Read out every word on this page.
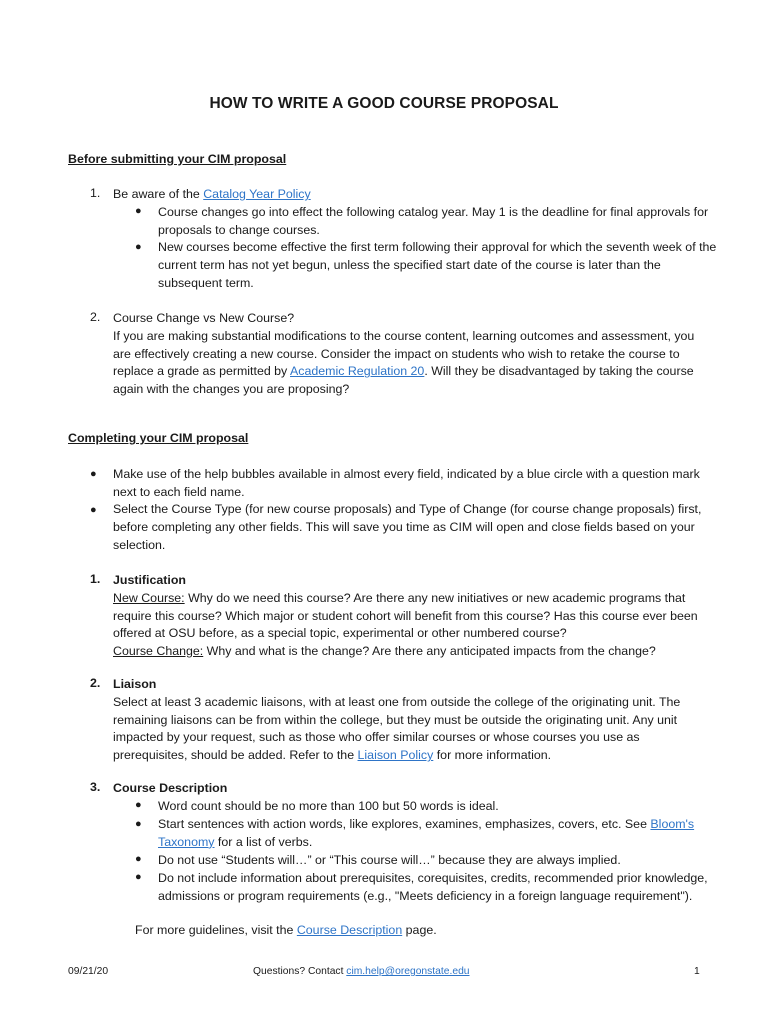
HOW TO WRITE A GOOD COURSE PROPOSAL
Before submitting your CIM proposal
1. Be aware of the Catalog Year Policy
● Course changes go into effect the following catalog year. May 1 is the deadline for final approvals for proposals to change courses.
● New courses become effective the first term following their approval for which the seventh week of the current term has not yet begun, unless the specified start date of the course is later than the subsequent term.
2. Course Change vs New Course?
If you are making substantial modifications to the course content, learning outcomes and assessment, you are effectively creating a new course. Consider the impact on students who wish to retake the course to replace a grade as permitted by Academic Regulation 20. Will they be disadvantaged by taking the course again with the changes you are proposing?
Completing your CIM proposal
● Make use of the help bubbles available in almost every field, indicated by a blue circle with a question mark next to each field name.
● Select the Course Type (for new course proposals) and Type of Change (for course change proposals) first, before completing any other fields. This will save you time as CIM will open and close fields based on your selection.
1. Justification
New Course: Why do we need this course? Are there any new initiatives or new academic programs that require this course? Which major or student cohort will benefit from this course? Has this course ever been offered at OSU before, as a special topic, experimental or other numbered course?
Course Change: Why and what is the change? Are there any anticipated impacts from the change?
2. Liaison
Select at least 3 academic liaisons, with at least one from outside the college of the originating unit. The remaining liaisons can be from within the college, but they must be outside the originating unit. Any unit impacted by your request, such as those who offer similar courses or whose courses you use as prerequisites, should be added. Refer to the Liaison Policy for more information.
3. Course Description
● Word count should be no more than 100 but 50 words is ideal.
● Start sentences with action words, like explores, examines, emphasizes, covers, etc. See Bloom's Taxonomy for a list of verbs.
● Do not use “Students will…” or “This course will…” because they are always implied.
● Do not include information about prerequisites, corequisites, credits, recommended prior knowledge, admissions or program requirements (e.g., "Meets deficiency in a foreign language requirement").
For more guidelines, visit the Course Description page.
09/21/20	Questions? Contact cim.help@oregonstate.edu	1
